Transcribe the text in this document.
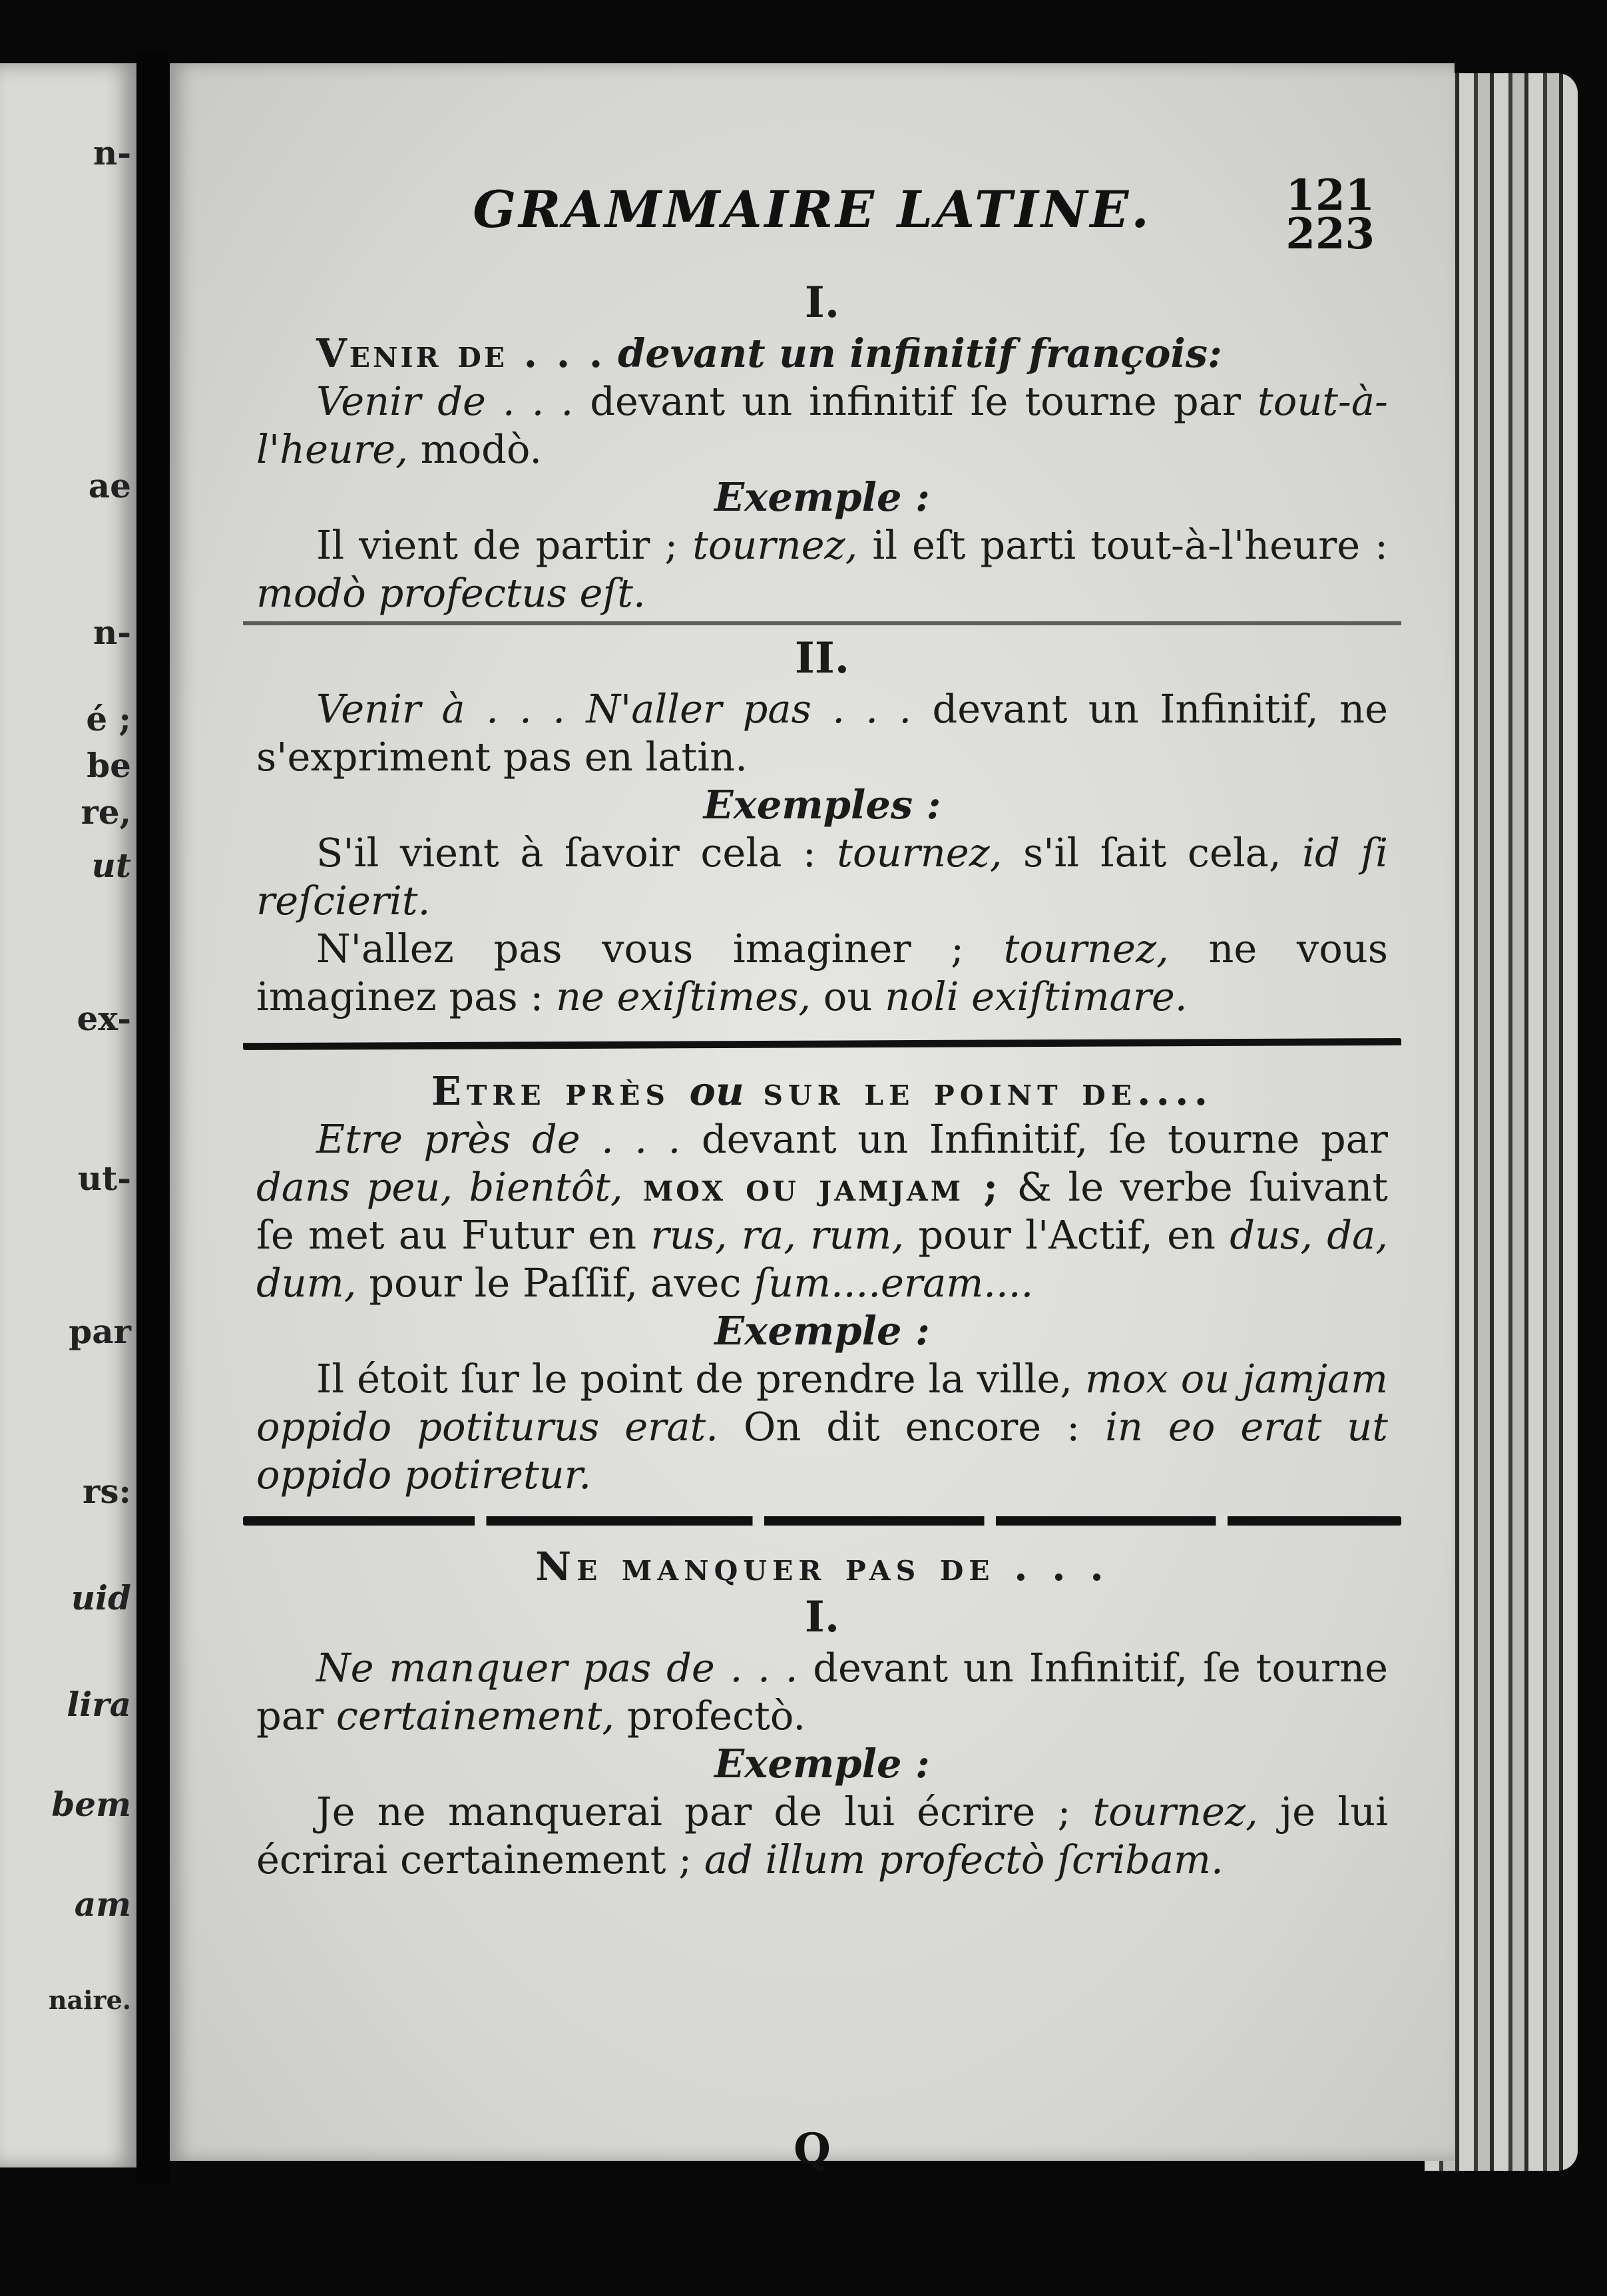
n-
ae
n-
é ;
be
re,
ut
ex-
ut-
par
rs:
uid
lira
bem
am
naire.
GRAMMAIRE LATINE.	121
223

I.

Venir de . . . devant un infinitif françois:

Venir de . . . devant un infinitif ſe tourne par tout-à-l'heure, modò.

Exemple :

Il vient de partir ; tournez, il eſt parti tout-à-l'heure : modò profectus eſt.

II.

Venir à . . . N'aller pas . . . devant un Infinitif, ne s'expriment pas en latin.

Exemples :

S'il vient à ſavoir cela : tournez, s'il ſait cela, id ſi reſcierit.

N'allez pas vous imaginer ; tournez, ne vous imaginez pas : ne exiſtimes, ou noli exiſtimare.

Etre près ou sur le point de....

Etre près de . . . devant un Infinitif, ſe tourne par dans peu, bientôt, mox ou jamjam ; & le verbe ſuivant ſe met au Futur en rus, ra, rum, pour l'Actif, en dus, da, dum, pour le Paſſif, avec ſum....eram....

Exemple :

Il étoit ſur le point de prendre la ville, mox ou jamjam oppido potiturus erat. On dit encore : in eo erat ut oppido potiretur.

Ne manquer pas de . . .

I.

Ne manquer pas de . . . devant un Infinitif, ſe tourne par certainement, profectò.

Exemple :

Je ne manquerai par de lui écrire ; tournez, je lui écrirai certainement ; ad illum profectò ſcribam.

Q
